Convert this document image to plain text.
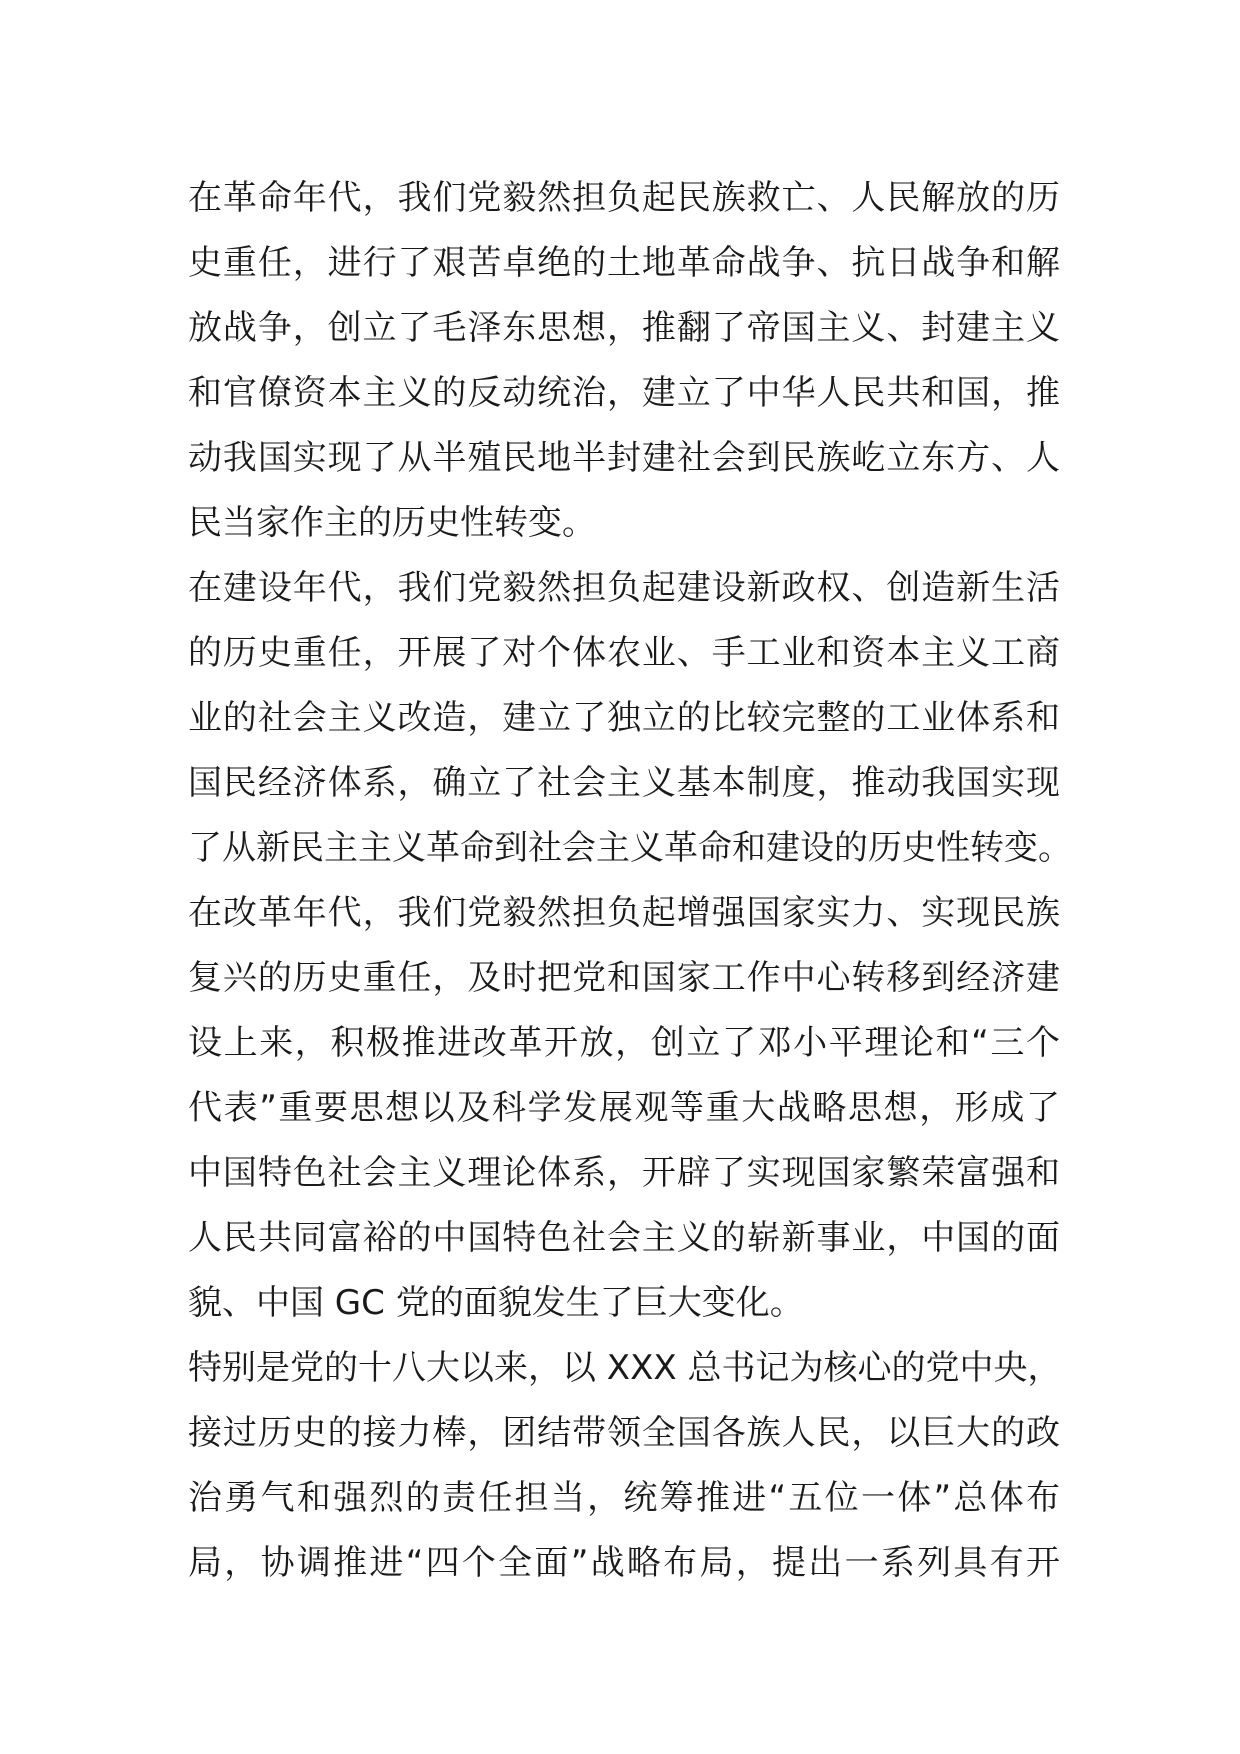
在革命年代，我们党毅然担负起民族救亡、人民解放的历
史重任，进行了艰苦卓绝的土地革命战争、抗日战争和解
放战争，创立了毛泽东思想，推翻了帝国主义、封建主义
和官僚资本主义的反动统治，建立了中华人民共和国，推
动我国实现了从半殖民地半封建社会到民族屹立东方、人
民当家作主的历史性转变。
在建设年代，我们党毅然担负起建设新政权、创造新生活
的历史重任，开展了对个体农业、手工业和资本主义工商
业的社会主义改造，建立了独立的比较完整的工业体系和
国民经济体系，确立了社会主义基本制度，推动我国实现
了从新民主主义革命到社会主义革命和建设的历史性转变。
在改革年代，我们党毅然担负起增强国家实力、实现民族
复兴的历史重任，及时把党和国家工作中心转移到经济建
设上来，积极推进改革开放，创立了邓小平理论和“三个
代表”重要思想以及科学发展观等重大战略思想，形成了
中国特色社会主义理论体系，开辟了实现国家繁荣富强和
人民共同富裕的中国特色社会主义的崭新事业，中国的面
貌、中国 GC 党的面貌发生了巨大变化。
特别是党的十八大以来，以 XXX 总书记为核心的党中央，
接过历史的接力棒，团结带领全国各族人民，以巨大的政
治勇气和强烈的责任担当，统筹推进“五位一体”总体布
局，协调推进“四个全面”战略布局，提出一系列具有开
